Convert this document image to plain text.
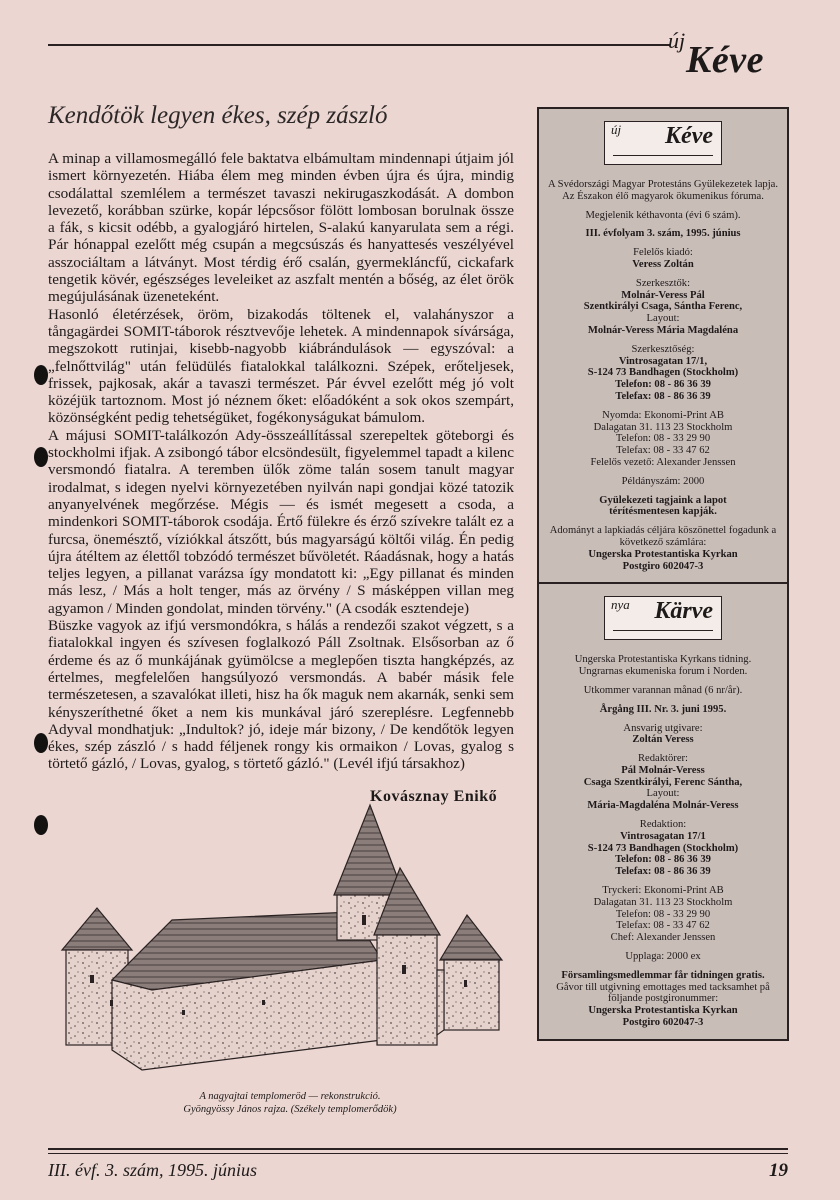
új Kéve
Kendőtök legyen ékes, szép zászló

A minap a villamosmegálló fele baktatva elbámultam mindennapi útjaim jól ismert környezetén. Hiába élem meg minden évben újra és újra, mindig csodálattal szemlélem a természet tavaszi nekirugaszkodását. A dombon levezető, korábban szürke, kopár lépcsősor fölött lombosan borulnak össze a fák, s kicsit odébb, a gyalogjáró hirtelen, S-alakú kanyarulata sem a régi. Pár hónappal ezelőtt még csupán a megcsúszás és hanyattesés veszélyével asszociáltam a látványt. Most térdig érő csalán, gyermekláncfű, cickafark tengetik kövér, egészséges leveleiket az aszfalt mentén a bőség, az élet örök megújulásának üzeneteként.

Hasonló életérzések, öröm, bizakodás töltenek el, valahányszor a tångagärdei SOMIT-táborok résztvevője lehetek. A mindennapok sívársága, megszokott rutinjai, kisebb-nagyobb kiábrándulások — egyszóval: a „felnőttvilág" után felüdülés fiatalokkal találkozni. Szépek, erőteljesek, frissek, pajkosak, akár a tavaszi természet. Pár évvel ezelőtt még jó volt közéjük tartoznom. Most jó néznem őket: előadóként a sok okos szempárt, közönségként pedig tehetségüket, fogékonyságukat bámulom.

A májusi SOMIT-találkozón Ady-összeállítással szerepeltek göteborgi és stockholmi ifjak. A zsibongó tábor elcsöndesült, figyelemmel tapadt a kilenc versmondó fiatalra. A teremben ülők zöme talán sosem tanult magyar irodalmat, s idegen nyelvi környezetében nyilván napi gondjai közé tatozik anyanyelvének megőrzése. Mégis — és ismét megesett a csoda, a mindenkori SOMIT-táborok csodája. Értő fülekre és érző szívekre talált ez a furcsa, önemésztő, víziókkal átszőtt, bús magyarságú költői világ. Én pedig újra átéltem az élettől tobzódó természet bűvöletét. Ráadásnak, hogy a hatás teljes legyen, a pillanat varázsa így mondatott ki: „Egy pillanat és minden más lesz, / Más a holt tenger, más az örvény / S másképpen villan meg agyamon / Minden gondolat, minden törvény." (A csodák esztendeje)

Büszke vagyok az ifjú versmondókra, s hálás a rendezői szakot végzett, s a fiatalokkal ingyen és szívesen foglalkozó Páll Zsoltnak. Elsősorban az ő érdeme és az ő munkájának gyümölcse a meglepően tiszta hangképzés, az értelmes, megfelelően hangsúlyozó versmondás. A babér másik fele természetesen, a szavalókat illeti, hisz ha ők maguk nem akarnák, senki sem kényszeríthetné őket a nem kis munkával járó szereplésre. Legfennebb Adyval mondhatjuk: „Indultok? jó, ideje már bizony, / De kendőtök legyen ékes, szép zászló / s hadd féljenek rongy kis ormaikon / Lovas, gyalog s törtető gázló, / Lovas, gyalog, s törtető gázló." (Levél ifjú társakhoz)

Kovásznay Enikő
A nagyajtai templomeröd — rekonstrukció.
Gyöngyössy János rajza. (Székely templomerődök)
új Kéve
A Svédországi Magyar Protestáns Gyülekezetek lapja.
Az Északon élő magyarok ökumenikus fóruma.
Megjelenik kéthavonta (évi 6 szám).
III. évfolyam 3. szám, 1995. június
Felelős kiadó:
Veress Zoltán
Szerkesztők:
Molnár-Veress Pál
Szentkirályi Csaga, Sántha Ferenc,
Layout:
Molnár-Veress Mária Magdaléna
Szerkesztőség:
Vintrosagatan 17/1,
S-124 73 Bandhagen (Stockholm)
Telefon: 08 - 86 36 39
Telefax: 08 - 86 36 39
Nyomda: Ekonomi-Print AB
Dalagatan 31. 113 23 Stockholm
Telefon: 08 - 33 29 90
Telefax: 08 - 33 47 62
Felelős vezető: Alexander Jenssen
Példányszám: 2000
Gyülekezeti tagjaink a lapot
térítésmentesen kapják.
Adományt a lapkiadás céljára köszönettel fogadunk a következő számlára:
Ungerska Protestantiska Kyrkan
Postgiro 602047-3
nya Kärve
Ungerska Protestantiska Kyrkans tidning.
Ungrarnas ekumeniska forum i Norden.
Utkommer varannan månad (6 nr/år).
Årgång III. Nr. 3. juni 1995.
Ansvarig utgivare:
Zoltán Veress
Redaktörer:
Pál Molnár-Veress
Csaga Szentkirályi, Ferenc Sántha,
Layout:
Mária-Magdaléna Molnár-Veress
Redaktion:
Vintrosagatan 17/1
S-124 73 Bandhagen (Stockholm)
Telefon: 08 - 86 36 39
Telefax: 08 - 86 36 39
Tryckeri: Ekonomi-Print AB
Dalagatan 31. 113 23 Stockholm
Telefon: 08 - 33 29 90
Telefax: 08 - 33 47 62
Chef: Alexander Jenssen
Upplaga: 2000 ex
Församlingsmedlemmar får tidningen gratis.
Gåvor till utgivning emottages med tacksamhet på följande postgironummer:
Ungerska Protestantiska Kyrkan
Postgiro 602047-3
III. évf. 3. szám, 1995. június	19
